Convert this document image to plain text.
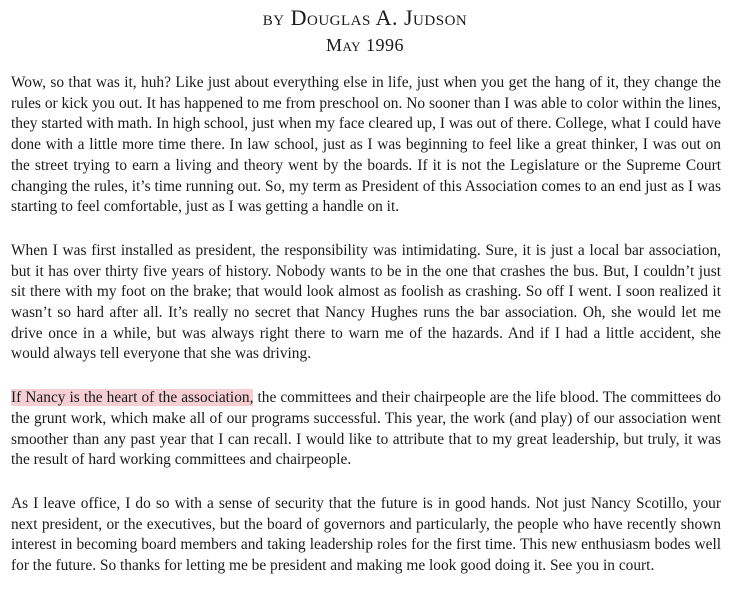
by Douglas A. Judson
May 1996

Wow, so that was it, huh? Like just about everything else in life, just when you get the hang of it, they change the rules or kick you out. It has happened to me from preschool on. No sooner than I was able to color within the lines, they started with math. In high school, just when my face cleared up, I was out of there. College, what I could have done with a little more time there. In law school, just as I was beginning to feel like a great thinker, I was out on the street trying to earn a living and theory went by the boards. If it is not the Legislature or the Supreme Court changing the rules, it’s time running out. So, my term as President of this Association comes to an end just as I was starting to feel comfortable, just as I was getting a handle on it.

When I was first installed as president, the responsibility was intimidating. Sure, it is just a local bar association, but it has over thirty five years of history. Nobody wants to be in the one that crashes the bus. But, I couldn’t just sit there with my foot on the brake; that would look almost as foolish as crashing. So off I went. I soon realized it wasn’t so hard after all. It’s really no secret that Nancy Hughes runs the bar association. Oh, she would let me drive once in a while, but was always right there to warn me of the hazards. And if I had a little accident, she would always tell everyone that she was driving.

If Nancy is the heart of the association, the committees and their chairpeople are the life blood. The committees do the grunt work, which make all of our programs successful. This year, the work (and play) of our association went smoother than any past year that I can recall. I would like to attribute that to my great leadership, but truly, it was the result of hard working committees and chairpeople.

As I leave office, I do so with a sense of security that the future is in good hands. Not just Nancy Scotillo, your next president, or the executives, but the board of governors and particularly, the people who have recently shown interest in becoming board members and taking leadership roles for the first time. This new enthusiasm bodes well for the future. So thanks for letting me be president and making me look good doing it. See you in court.
